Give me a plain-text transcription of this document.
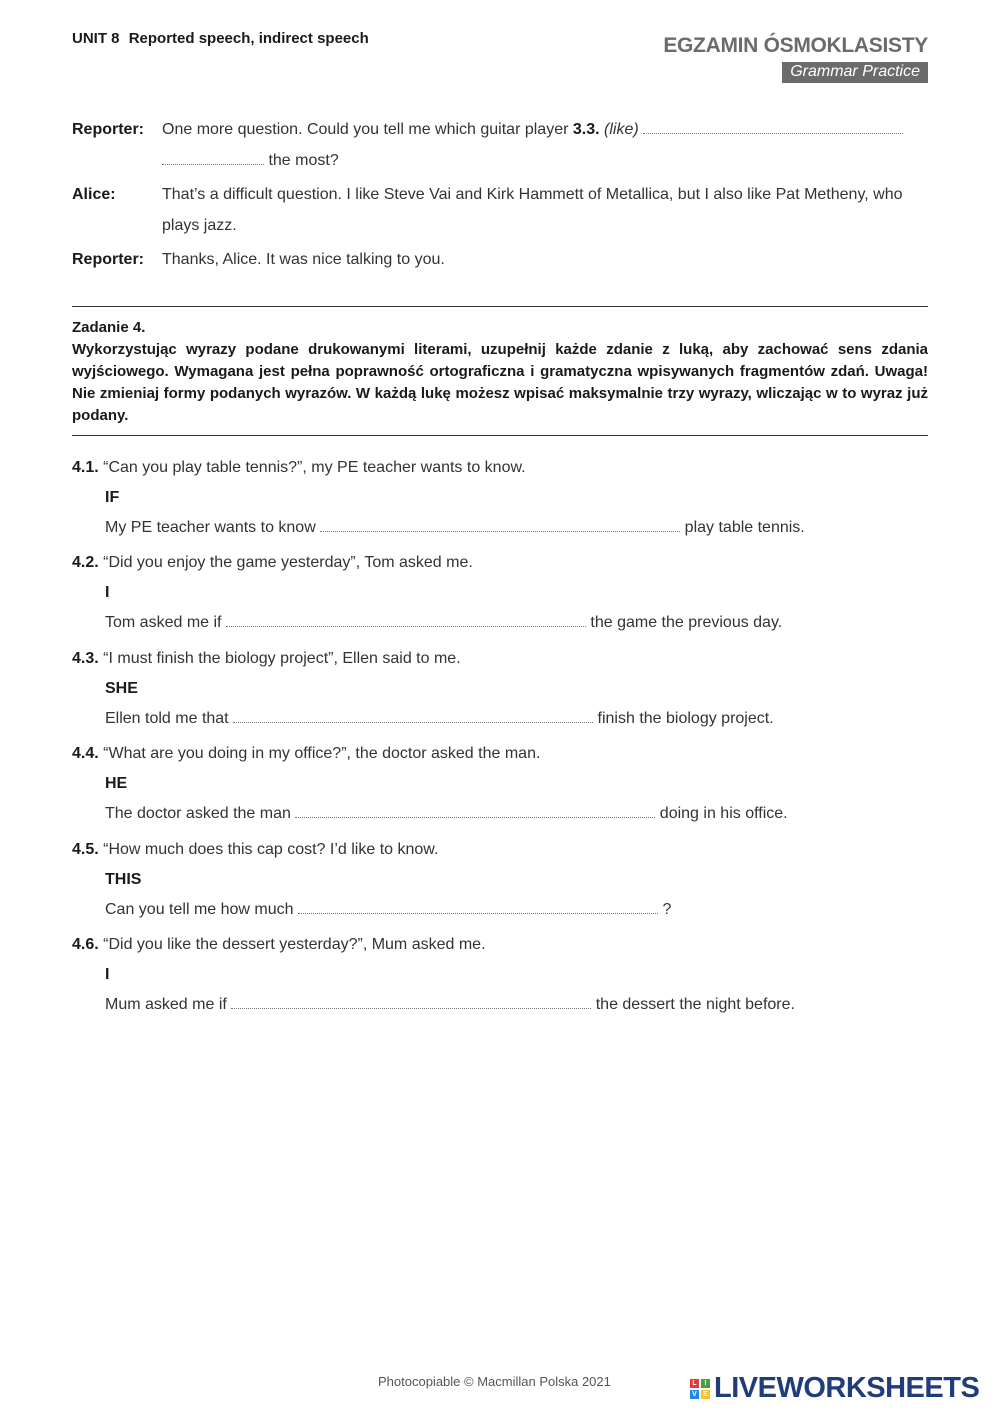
UNIT 8 Reported speech, indirect speech	EGZAMIN ÓSMOKLASISTY
Grammar Practice
Reporter:	One more question. Could you tell me which guitar player 3.3. (like)
the most?
Alice:	That’s a difficult question. I like Steve Vai and Kirk Hammett of Metallica, but I also like Pat Metheny, who plays jazz.
Reporter:	Thanks, Alice. It was nice talking to you.
Zadanie 4.
Wykorzystując wyrazy podane drukowanymi literami, uzupełnij każde zdanie z luką, aby zachować sens zdania wyjściowego. Wymagana jest pełna poprawność ortograficzna i gramatyczna wpisywanych fragmentów zdań. Uwaga! Nie zmieniaj formy podanych wyrazów. W każdą lukę możesz wpisać maksymalnie trzy wyrazy, wliczając w to wyraz już podany.
4.1. “Can you play table tennis?”, my PE teacher wants to know.
IF
My PE teacher wants to know	play table tennis.
4.2. “Did you enjoy the game yesterday”, Tom asked me.
I
Tom asked me if	the game the previous day.
4.3. “I must finish the biology project”, Ellen said to me.
SHE
Ellen told me that	finish the biology project.
4.4. “What are you doing in my office?”, the doctor asked the man.
HE
The doctor asked the man	doing in his office.
4.5. “How much does this cap cost? I’d like to know.
THIS
Can you tell me how much	?
4.6. “Did you like the dessert yesterday?”, Mum asked me.
I
Mum asked me if	the dessert the night before.
Photocopiable © Macmillan Polska 2021	L	I
V E LIVEWORKSHEETS
